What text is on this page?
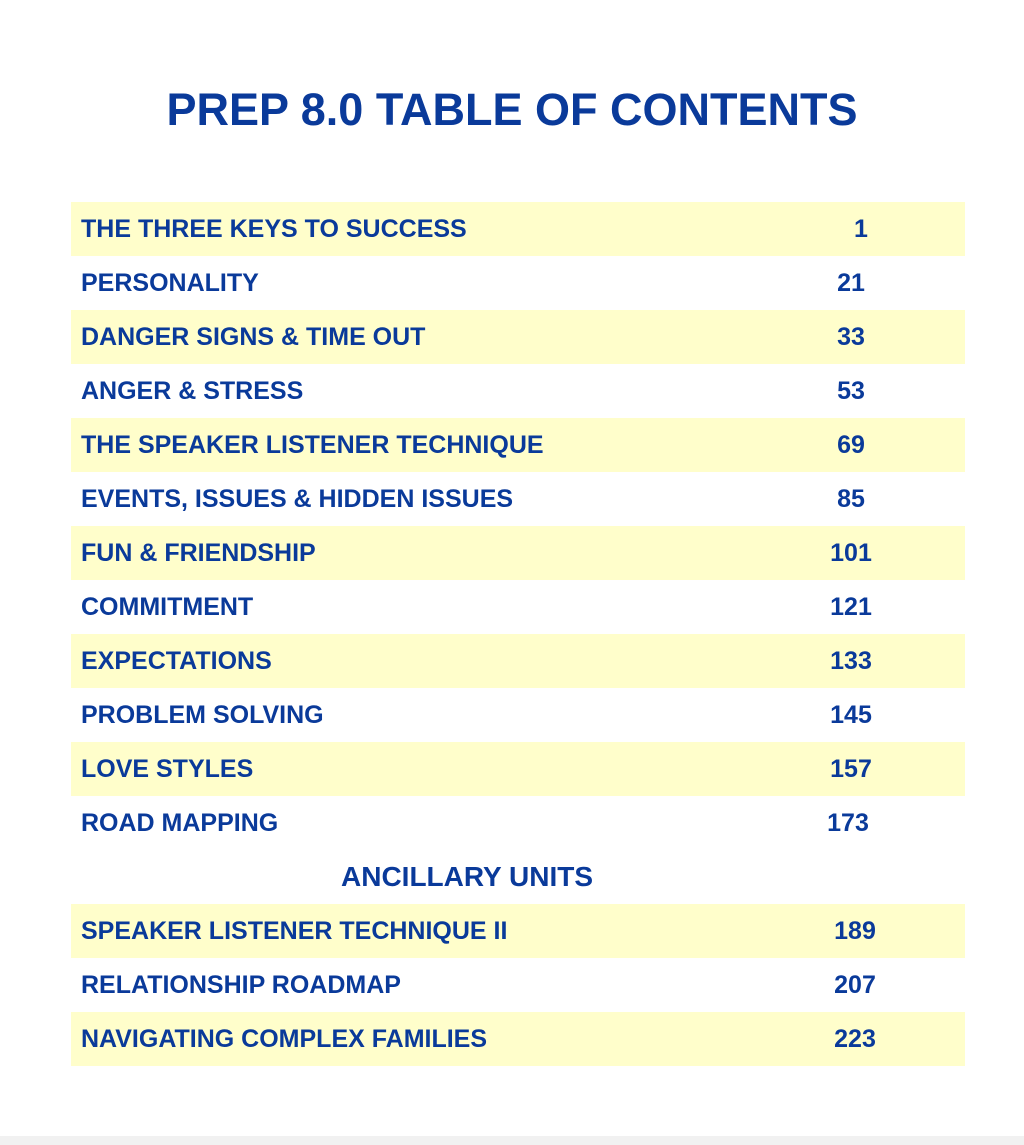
PREP 8.0 TABLE OF CONTENTS
THE THREE KEYS TO SUCCESS	1
PERSONALITY	21
DANGER SIGNS & TIME OUT	33
ANGER & STRESS	53
THE SPEAKER LISTENER TECHNIQUE	69
EVENTS, ISSUES & HIDDEN ISSUES	85
FUN & FRIENDSHIP	101
COMMITMENT	121
EXPECTATIONS	133
PROBLEM SOLVING	145
LOVE STYLES	157
ROAD MAPPING	173
ANCILLARY UNITS
SPEAKER LISTENER TECHNIQUE II	189
RELATIONSHIP ROADMAP	207
NAVIGATING COMPLEX FAMILIES	223
